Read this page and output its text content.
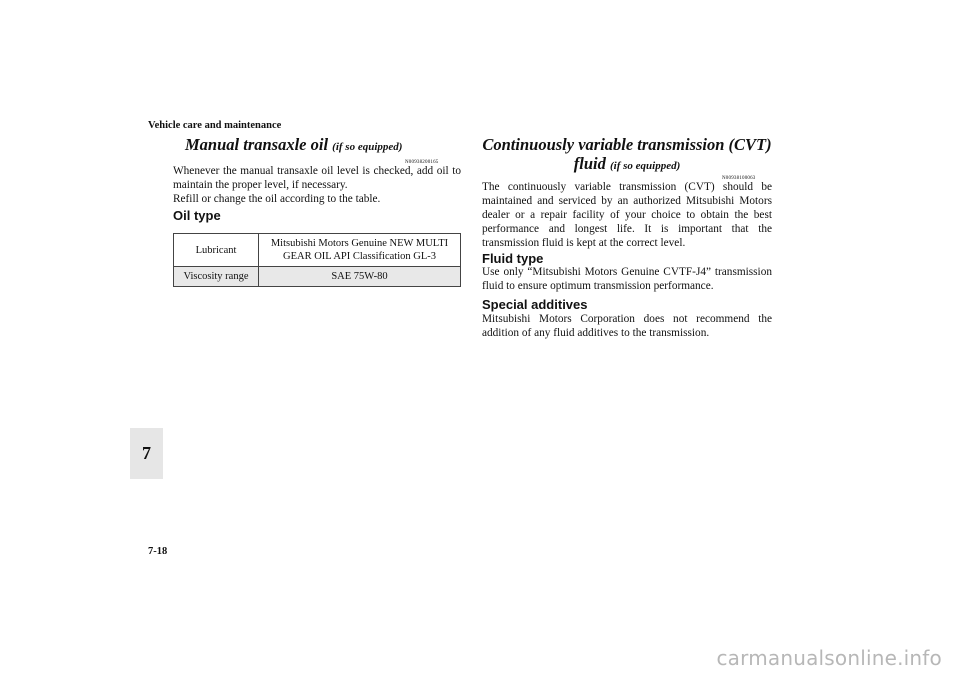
Vehicle care and maintenance
Manual transaxle oil (if so equipped)
N00938200165
Whenever the manual transaxle oil level is checked, add oil to maintain the proper level, if necessary.
Refill or change the oil according to the table.
Oil type
Lubricant	Mitsubishi Motors Genuine NEW MULTI GEAR OIL API Classification GL-3
Viscosity range	SAE 75W-80
Continuously variable transmission (CVT)
fluid (if so equipped)
N00938100063
The continuously variable transmission (CVT) should be maintained and serviced by an authorized Mitsubishi Motors dealer or a repair facility of your choice to obtain the best performance and longest life. It is important that the transmission fluid is kept at the correct level.
Fluid type
Use only “Mitsubishi Motors Genuine CVTF-J4” transmission fluid to ensure optimum transmission performance.
Special additives
Mitsubishi Motors Corporation does not recommend the addition of any fluid additives to the transmission.
7
7-18
carmanualsonline.info
